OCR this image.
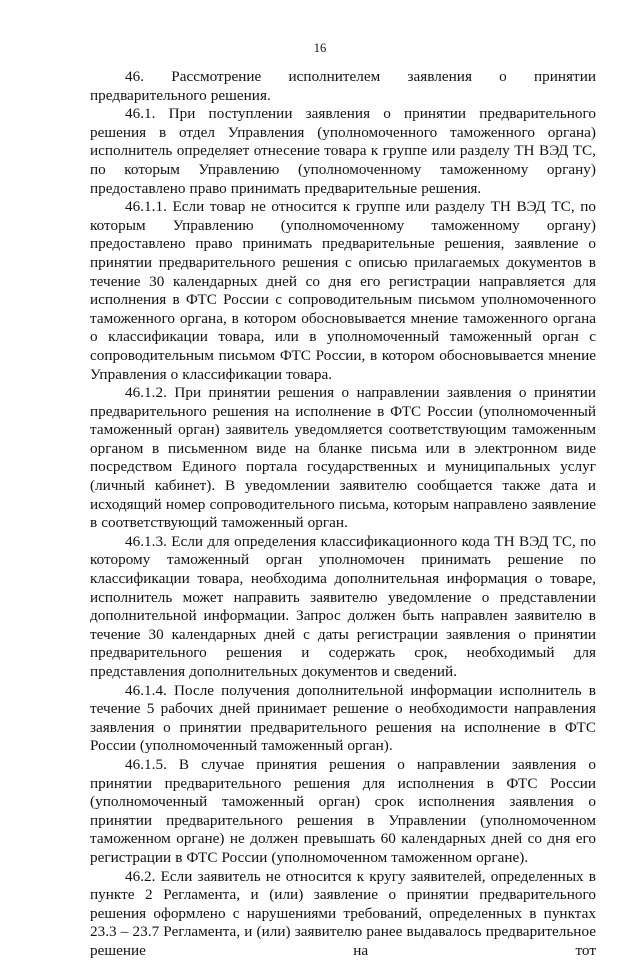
16

46. Рассмотрение исполнителем заявления о принятии предварительного решения.

46.1. При поступлении заявления о принятии предварительного решения в отдел Управления (уполномоченного таможенного органа) исполнитель определяет отнесение товара к группе или разделу ТН ВЭД ТС, по которым Управлению (уполномоченному таможенному органу) предоставлено право принимать предварительные решения.

46.1.1. Если товар не относится к группе или разделу ТН ВЭД ТС, по которым Управлению (уполномоченному таможенному органу) предоставлено право принимать предварительные решения, заявление о принятии предварительного решения с описью прилагаемых документов в течение 30 календарных дней со дня его регистрации направляется для исполнения в ФТС России с сопроводительным письмом уполномоченного таможенного органа, в котором обосновывается мнение таможенного органа о классификации товара, или в уполномоченный таможенный орган с сопроводительным письмом ФТС России, в котором обосновывается мнение Управления о классификации товара.

46.1.2. При принятии решения о направлении заявления о принятии предварительного решения на исполнение в ФТС России (уполномоченный таможенный орган) заявитель уведомляется соответствующим таможенным органом в письменном виде на бланке письма или в электронном виде посредством Единого портала государственных и муниципальных услуг (личный кабинет). В уведомлении заявителю сообщается также дата и исходящий номер сопроводительного письма, которым направлено заявление в соответствующий таможенный орган.

46.1.3. Если для определения классификационного кода ТН ВЭД ТС, по которому таможенный орган уполномочен принимать решение по классификации товара, необходима дополнительная информация о товаре, исполнитель может направить заявителю уведомление о представлении дополнительной информации. Запрос должен быть направлен заявителю в течение 30 календарных дней с даты регистрации заявления о принятии предварительного решения и содержать срок, необходимый для представления дополнительных документов и сведений.

46.1.4. После получения дополнительной информации исполнитель в течение 5 рабочих дней принимает решение о необходимости направления заявления о принятии предварительного решения на исполнение в ФТС России (уполномоченный таможенный орган).

46.1.5. В случае принятия решения о направлении заявления о принятии предварительного решения для исполнения в ФТС России (уполномоченный таможенный орган) срок исполнения заявления о принятии предварительного решения в Управлении (уполномоченном таможенном органе) не должен превышать 60 календарных дней со дня его регистрации в ФТС России (уполномоченном таможенном органе).

46.2. Если заявитель не относится к кругу заявителей, определенных в пункте 2 Регламента, и (или) заявление о принятии предварительного решения оформлено с нарушениями требований, определенных в пунктах 23.3 – 23.7 Регламента, и (или) заявителю ранее выдавалось предварительное решение на тот
